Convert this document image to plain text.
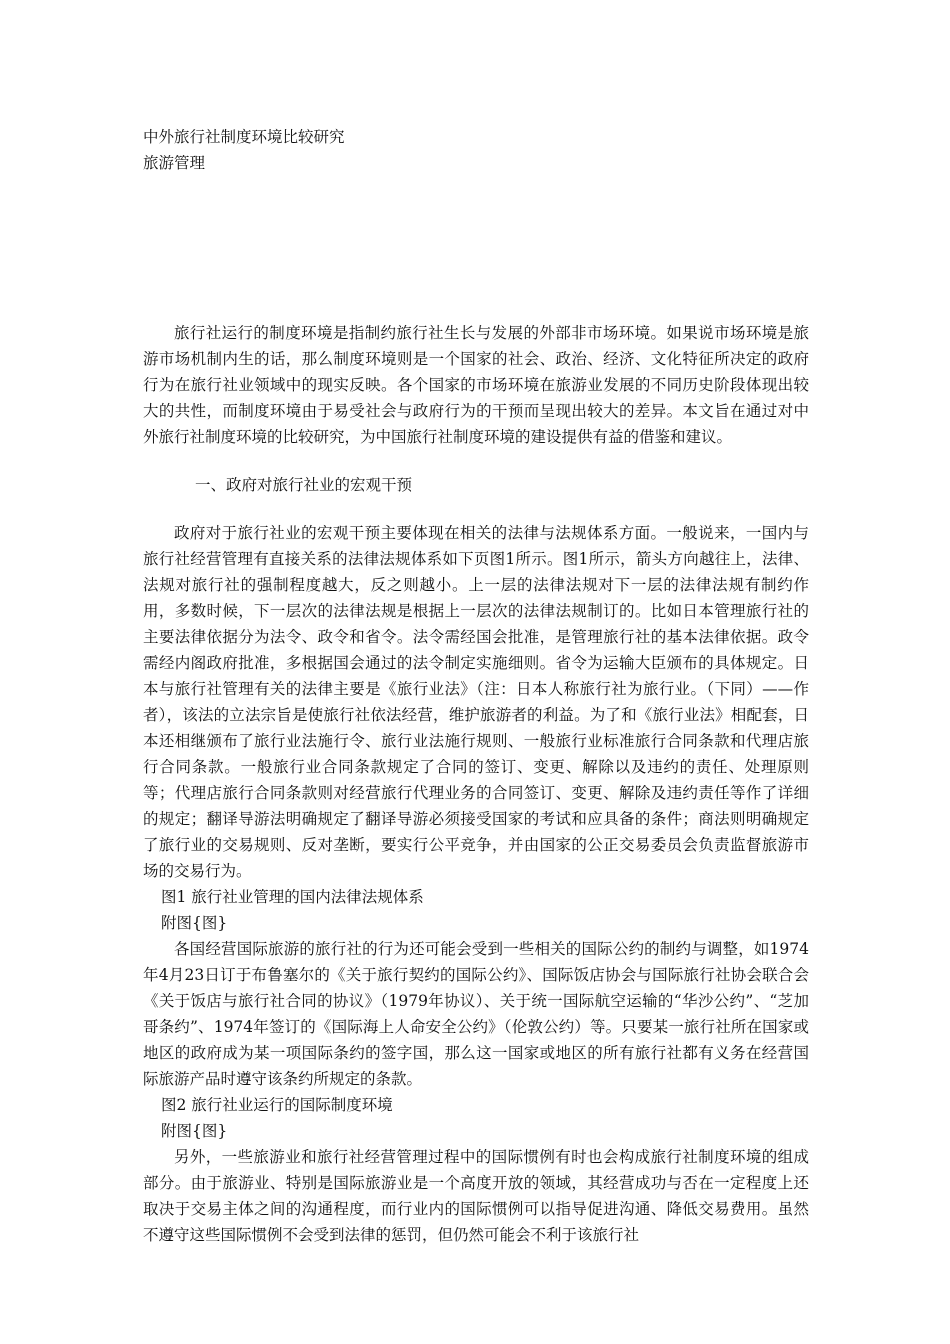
中外旅行社制度环境比较研究

旅游管理

旅行社运行的制度环境是指制约旅行社生长与发展的外部非市场环境。如果说市场环境是旅游市场机制内生的话，那么制度环境则是一个国家的社会、政治、经济、文化特征所决定的政府行为在旅行社业领域中的现实反映。各个国家的市场环境在旅游业发展的不同历史阶段体现出较大的共性，而制度环境由于易受社会与政府行为的干预而呈现出较大的差异。本文旨在通过对中外旅行社制度环境的比较研究，为中国旅行社制度环境的建设提供有益的借鉴和建议。

一、政府对旅行社业的宏观干预

政府对于旅行社业的宏观干预主要体现在相关的法律与法规体系方面。一般说来，一国内与旅行社经营管理有直接关系的法律法规体系如下页图1所示。图1所示，箭头方向越往上，法律、法规对旅行社的强制程度越大，反之则越小。上一层的法律法规对下一层的法律法规有制约作用，多数时候，下一层次的法律法规是根据上一层次的法律法规制订的。比如日本管理旅行社的主要法律依据分为法令、政令和省令。法令需经国会批准，是管理旅行社的基本法律依据。政令需经内阁政府批准，多根据国会通过的法令制定实施细则。省令为运输大臣颁布的具体规定。日本与旅行社管理有关的法律主要是《旅行业法》（注：日本人称旅行社为旅行业。（下同）——作者），该法的立法宗旨是使旅行社依法经营，维护旅游者的利益。为了和《旅行业法》相配套，日本还相继颁布了旅行业法施行令、旅行业法施行规则、一般旅行业标准旅行合同条款和代理店旅行合同条款。一般旅行业合同条款规定了合同的签订、变更、解除以及违约的责任、处理原则等；代理店旅行合同条款则对经营旅行代理业务的合同签订、变更、解除及违约责任等作了详细的规定；翻译导游法明确规定了翻译导游必须接受国家的考试和应具备的条件；商法则明确规定了旅行业的交易规则、反对垄断，要实行公平竞争，并由国家的公正交易委员会负责监督旅游市场的交易行为。

图1 旅行社业管理的国内法律法规体系

附图{图}

各国经营国际旅游的旅行社的行为还可能会受到一些相关的国际公约的制约与调整，如1974年4月23日订于布鲁塞尔的《关于旅行契约的国际公约》、国际饭店协会与国际旅行社协会联合会《关于饭店与旅行社合同的协议》（1979年协议）、关于统一国际航空运输的“华沙公约”、“芝加哥条约”、1974年签订的《国际海上人命安全公约》（伦敦公约）等。只要某一旅行社所在国家或地区的政府成为某一项国际条约的签字国，那么这一国家或地区的所有旅行社都有义务在经营国际旅游产品时遵守该条约所规定的条款。

图2 旅行社业运行的国际制度环境

附图{图}

另外，一些旅游业和旅行社经营管理过程中的国际惯例有时也会构成旅行社制度环境的组成部分。由于旅游业、特别是国际旅游业是一个高度开放的领域，其经营成功与否在一定程度上还取决于交易主体之间的沟通程度，而行业内的国际惯例可以指导促进沟通、降低交易费用。虽然不遵守这些国际惯例不会受到法律的惩罚，但仍然可能会不利于该旅行社
